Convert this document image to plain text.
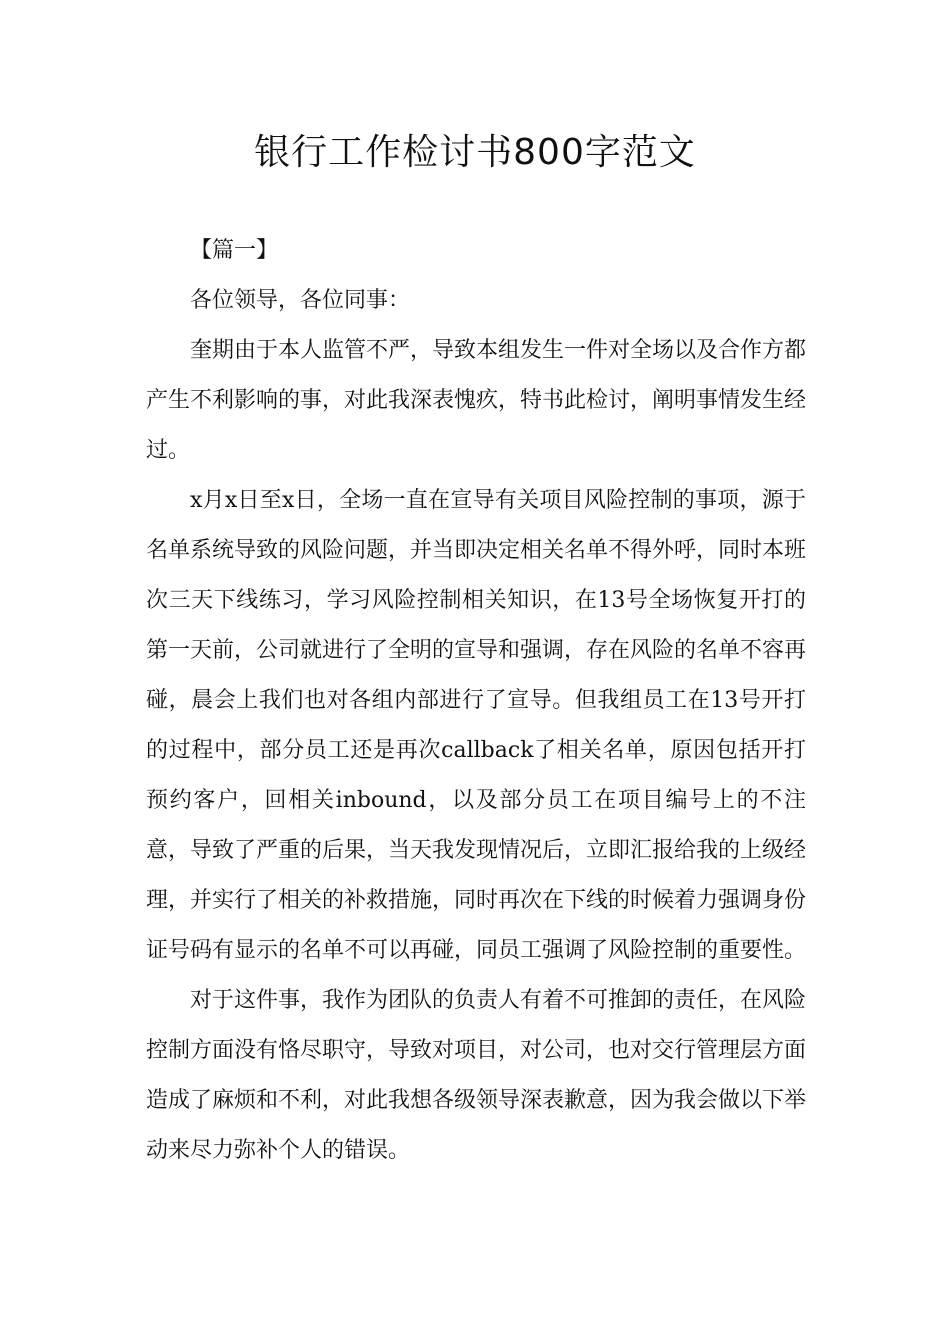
银行工作检讨书800字范文

【篇一】

各位领导，各位同事：

奎期由于本人监管不严，导致本组发生一件对全场以及合作方都产生不利影响的事，对此我深表愧疚，特书此检讨，阐明事情发生经过。

x月x日至x日，全场一直在宣导有关项目风险控制的事项，源于名单系统导致的风险问题，并当即决定相关名单不得外呼，同时本班次三天下线练习，学习风险控制相关知识，在13号全场恢复开打的第一天前，公司就进行了全明的宣导和强调，存在风险的名单不容再碰，晨会上我们也对各组内部进行了宣导。但我组员工在13号开打的过程中，部分员工还是再次callback了相关名单，原因包括开打预约客户，回相关inbound，以及部分员工在项目编号上的不注意，导致了严重的后果，当天我发现情况后，立即汇报给我的上级经理，并实行了相关的补救措施，同时再次在下线的时候着力强调身份证号码有显示的名单不可以再碰，同员工强调了风险控制的重要性。

对于这件事，我作为团队的负责人有着不可推卸的责任，在风险控制方面没有恪尽职守，导致对项目，对公司，也对交行管理层方面造成了麻烦和不利，对此我想各级领导深表歉意，因为我会做以下举动来尽力弥补个人的错误。
